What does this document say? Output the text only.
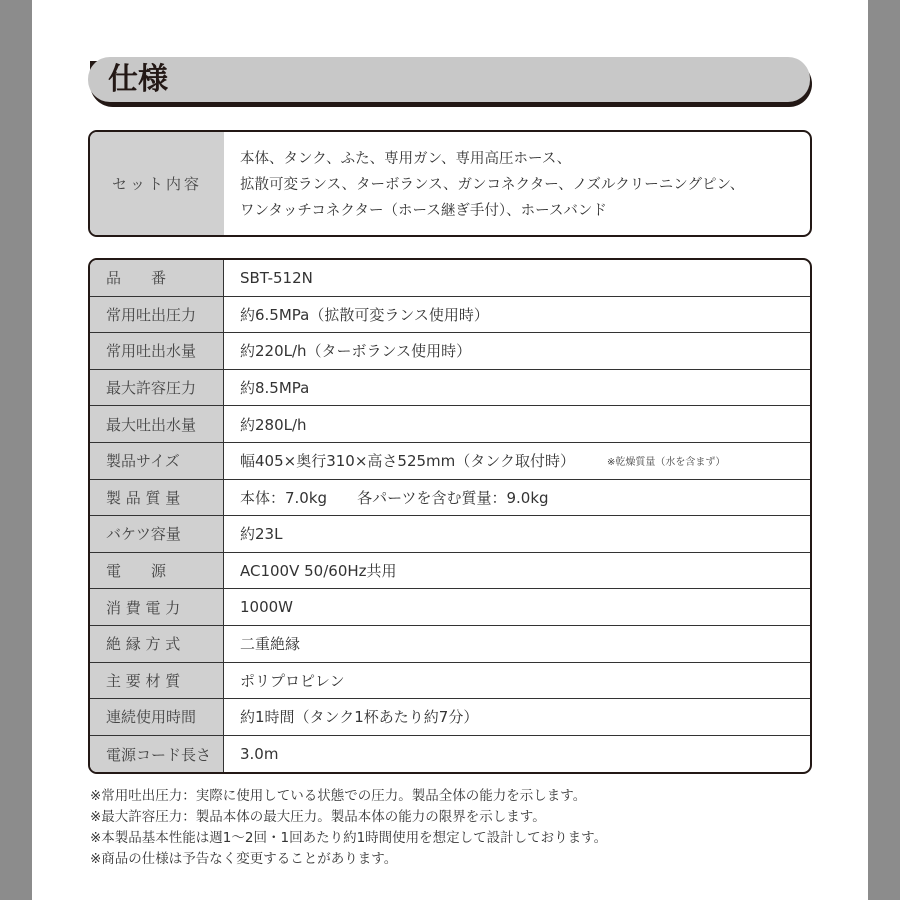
仕様
セット内容
本体、タンク、ふた、専用ガン、専用高圧ホース、
拡散可変ランス、ターボランス、ガンコネクター、ノズルクリーニングピン、
ワンタッチコネクター（ホース継ぎ手付）、ホースバンド
品　　番	SBT-512N
常用吐出圧力	約6.5MPa（拡散可変ランス使用時）
常用吐出水量	約220L/h（ターボランス使用時）
最大許容圧力	約8.5MPa
最大吐出水量	約280L/h
製品サイズ	幅405×奥行310×高さ525mm（タンク取付時）	※乾燥質量（水を含まず）
製 品 質 量	本体：7.0kg　　各パーツを含む質量：9.0kg
バケツ容量	約23L
電　　源	AC100V 50/60Hz共用
消 費 電 力	1000W
絶 縁 方 式	二重絶縁
主 要 材 質	ポリプロピレン
連続使用時間	約1時間（タンク1杯あたり約7分）
電源コード長さ	3.0m
※常用吐出圧力：実際に使用している状態での圧力。製品全体の能力を示します。
※最大許容圧力：製品本体の最大圧力。製品本体の能力の限界を示します。
※本製品基本性能は週1～2回・1回あたり約1時間使用を想定して設計しております。
※商品の仕様は予告なく変更することがあります。
